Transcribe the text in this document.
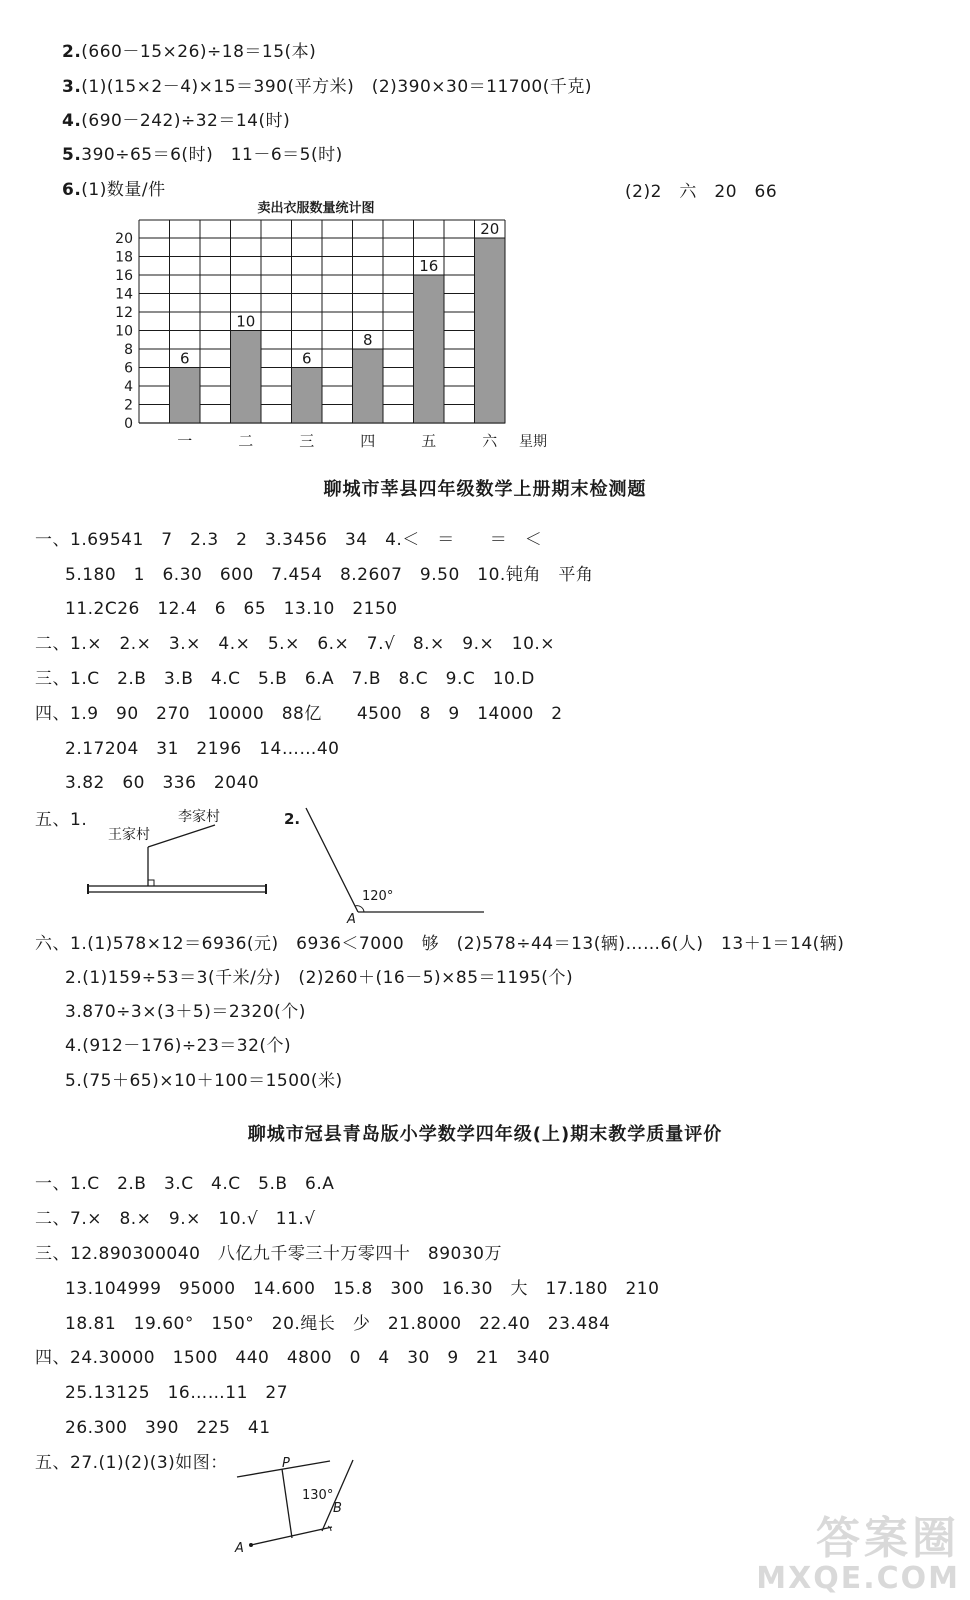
2.(660－15×26)÷18＝15(本)
3.(1)(15×2－4)×15＝390(平方米)　(2)390×30＝11700(千克)
4.(690－242)÷32＝14(时)
5.390÷65＝6(时)　11－6＝5(时)
6.(1)数量/件	(2)2　六　20　66
0
2
4
6
8
10
12
14
16
18
20
卖出衣服数量统计图
6
一
10
二
6
三
8
四
16
五
20
六 星期
聊城市莘县四年级数学上册期末检测题
一、1.69541　7　2.3　2　3.3456　34　4.＜　＝　　＝　＜
5.180　1　6.30　600　7.454　8.2607　9.50　10.钝角　平角
11.2C26　12.4　6　65　13.10　2150
二、1.×　2.×　3.×　4.×　5.×　6.×　7.√　8.×　9.×　10.×
三、1.C　2.B　3.B　4.C　5.B　6.A　7.B　8.C　9.C　10.D
四、1.9　90　270　10000　88亿　　4500　8　9　14000　2
2.17204　31　2196　14……40
3.82　60　336　2040
五、1.	李家村
王家村
2.
120°
A
六、1.(1)578×12＝6936(元)　6936＜7000　够　(2)578÷44＝13(辆)……6(人)　13＋1＝14(辆)
2.(1)159÷53＝3(千米/分)　(2)260＋(16－5)×85＝1195(个)
3.870÷3×(3＋5)＝2320(个)
4.(912－176)÷23＝32(个)
5.(75＋65)×10＋100＝1500(米)
聊城市冠县青岛版小学数学四年级(上)期末教学质量评价
一、1.C　2.B　3.C　4.C　5.B　6.A
二、7.×　8.×　9.×　10.√　11.√
三、12.890300040　八亿九千零三十万零四十　89030万
13.104999　95000　14.600　15.8　300　16.30　大　17.180　210
18.81　19.60°　150°　20.绳长　少　21.8000　22.40　23.484
四、24.30000　1500　440　4800　0　4　30　9　21　340
25.13125　16……11　27
26.300　390　225　41
五、27.(1)(2)(3)如图：	P
130°
B
A	答案圈
MXQE.COM
